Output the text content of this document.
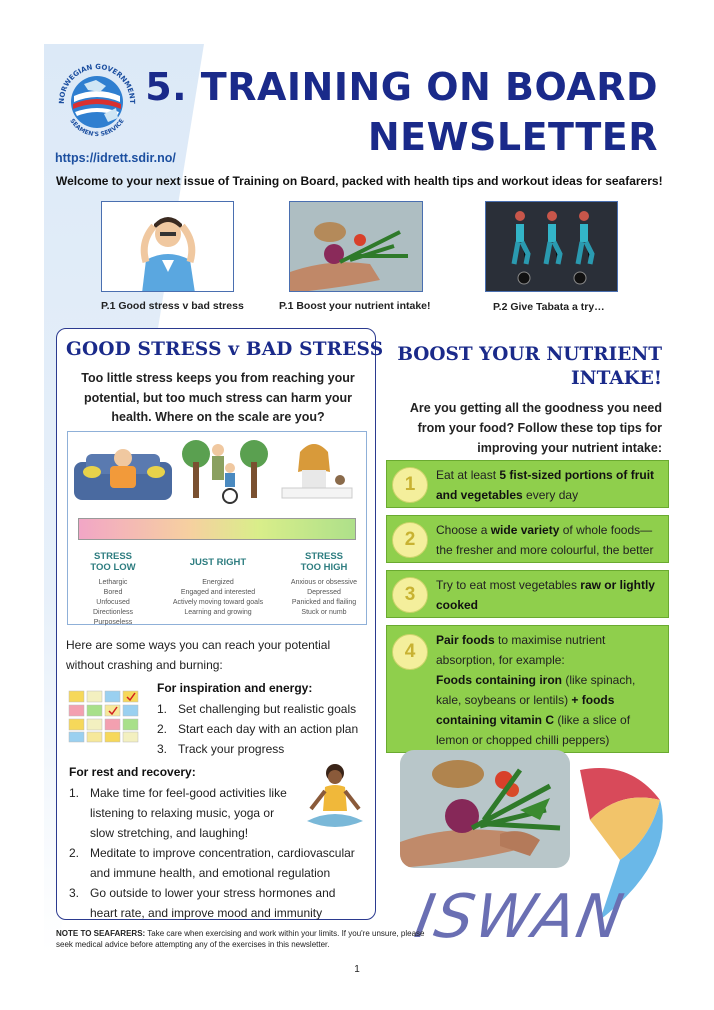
NORWEGIAN GOVERNMENT
SEAMEN'S SERVICE
https://idrett.sdir.no/
5. TRAINING ON BOARD
NEWSLETTER
Welcome to your next issue of Training on Board, packed with health tips and workout ideas for seafarers!
P.1 Good stress v bad stress	P.1 Boost your nutrient intake!	P.2 Give Tabata a try…
GOOD STRESS v BAD STRESS
Too little stress keeps you from reaching your potential, but too much stress can harm your health. Where on the scale are you?
STRESS
TOO LOW	JUST RIGHT
STRESS
TOO HIGH
Lethargic
Bored
Unfocused
Directionless
Purposeless
Energized
Engaged and interested
Actively moving toward goals
Learning and growing
Anxious or obsessive
Depressed
Panicked and flailing
Stuck or numb
Here are some ways you can reach your potential without crashing and burning:
For inspiration and energy:
1. Set challenging but realistic goals
2. Start each day with an action plan
3. Track your progress
For rest and recovery:
1. Make time for feel-good activities like
listening to relaxing music, yoga or
slow stretching, and laughing!
2. Meditate to improve concentration, cardiovascular
and immune health, and emotional regulation
3. Go outside to lower your stress hormones and
heart rate, and improve mood and immunity
BOOST YOUR NUTRIENT
INTAKE!
Are you getting all the goodness you need from your food? Follow these top tips for improving your nutrient intake:
1	Eat at least 5 fist-sized portions of fruit and vegetables every day
2	Choose a wide variety of whole foods—the fresher and more colourful, the better
3	Try to eat most vegetables raw or lightly cooked
4
Pair foods to maximise nutrient absorption, for example:
Foods containing iron (like spinach, kale, soybeans or lentils) + foods containing vitamin C (like a slice of lemon or chopped chilli peppers)
ISWAN
NOTE TO SEAFARERS: Take care when exercising and work within your limits. If you're unsure, please seek medical advice before attempting any of the exercises in this newsletter.
1
